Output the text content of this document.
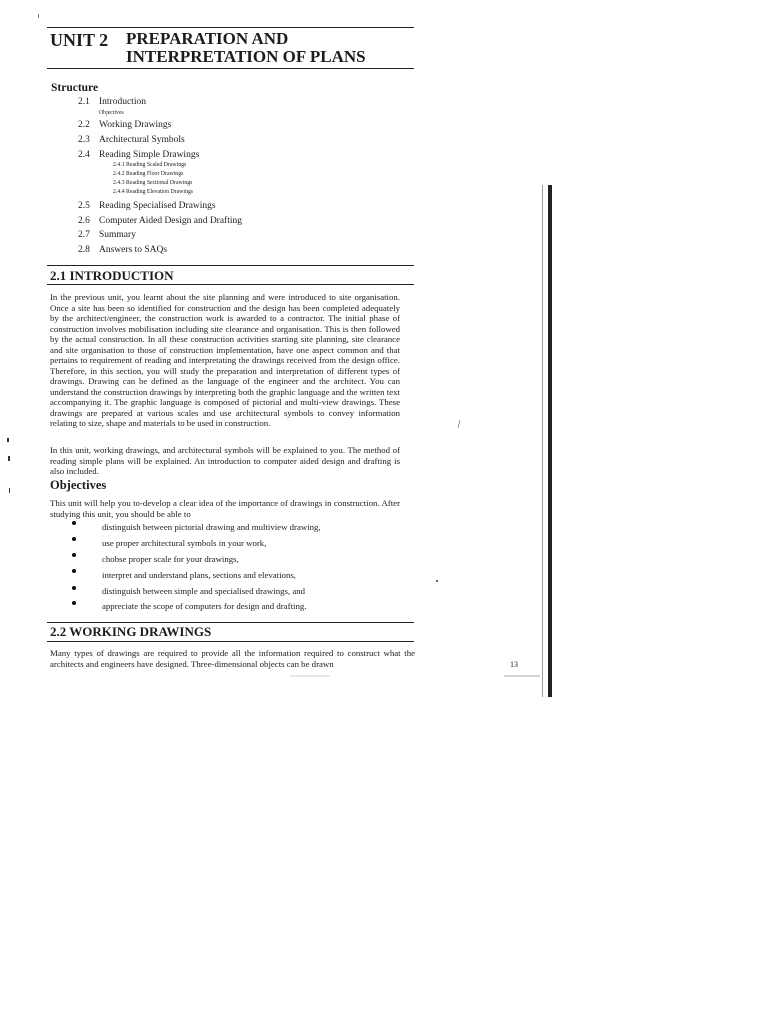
UNIT 2 PREPARATION AND
INTERPRETATION OF PLANS
Structure
2.1 Introduction
Objectives
2.2 Working Drawings
2.3 Architectural Symbols
2.4 Reading Simple Drawings
2.4.1 Reading Scaled Drawings
2.4.2 Reading Floor Drawings
2.4.3 Reading Sectional Drawings
2.4.4 Reading Elevation Drawings
2.5 Reading Specialised Drawings
2.6 Computer Aided Design and Drafting
2.7 Summary
2.8 Answers to SAQs
2.1 INTRODUCTION
In the previous unit, you learnt about the site planning and were introduced to site organisation. Once a site has been so identified for construction and the design has been completed adequately by the architect/engineer, the construction work is awarded to a contractor. The initial phase of construction involves mobilisation including site clearance and organisation. This is then followed by the actual construction. In all these construction activities starting site planning, site clearance and site organisation to those of construction implementation, have one aspect common and that pertains to requirement of reading and interpretating the drawings received from the design office. Therefore, in this section, you will study the preparation and interpretation of different types of drawings. Drawing can be defined as the language of the engineer and the architect. You can understand the construction drawings by interpreting both the graphic language and the written text accompanying it. The graphic language is composed of pictorial and multi-view drawings. These drawings are prepared at various scales and use architectural symbols to convey information relating to size, shape and materials to be used in construction.
In this unit, working drawings, and architectural symbols will be explained to you. The method of reading simple plans will be explained. An introduction to computer aided design and drafting is also included.
Objectives
This unit will help you to-develop a clear idea of the importance of drawings in construction. After studying this unit, you should be able to
distinguish between pictorial drawing and multiview drawing,
use proper architectural symbols in your work,
chobse proper scale for your drawings,
interpret and understand plans, sections and elevations,
distinguish between simple and specialised drawings, and
appreciate the scope of computers for design and drafting.
2.2 WORKING DRAWINGS
Many types of drawings are required to provide all the information required to construct what the architects and engineers have designed. Three-dimensional objects can be drawn	13
